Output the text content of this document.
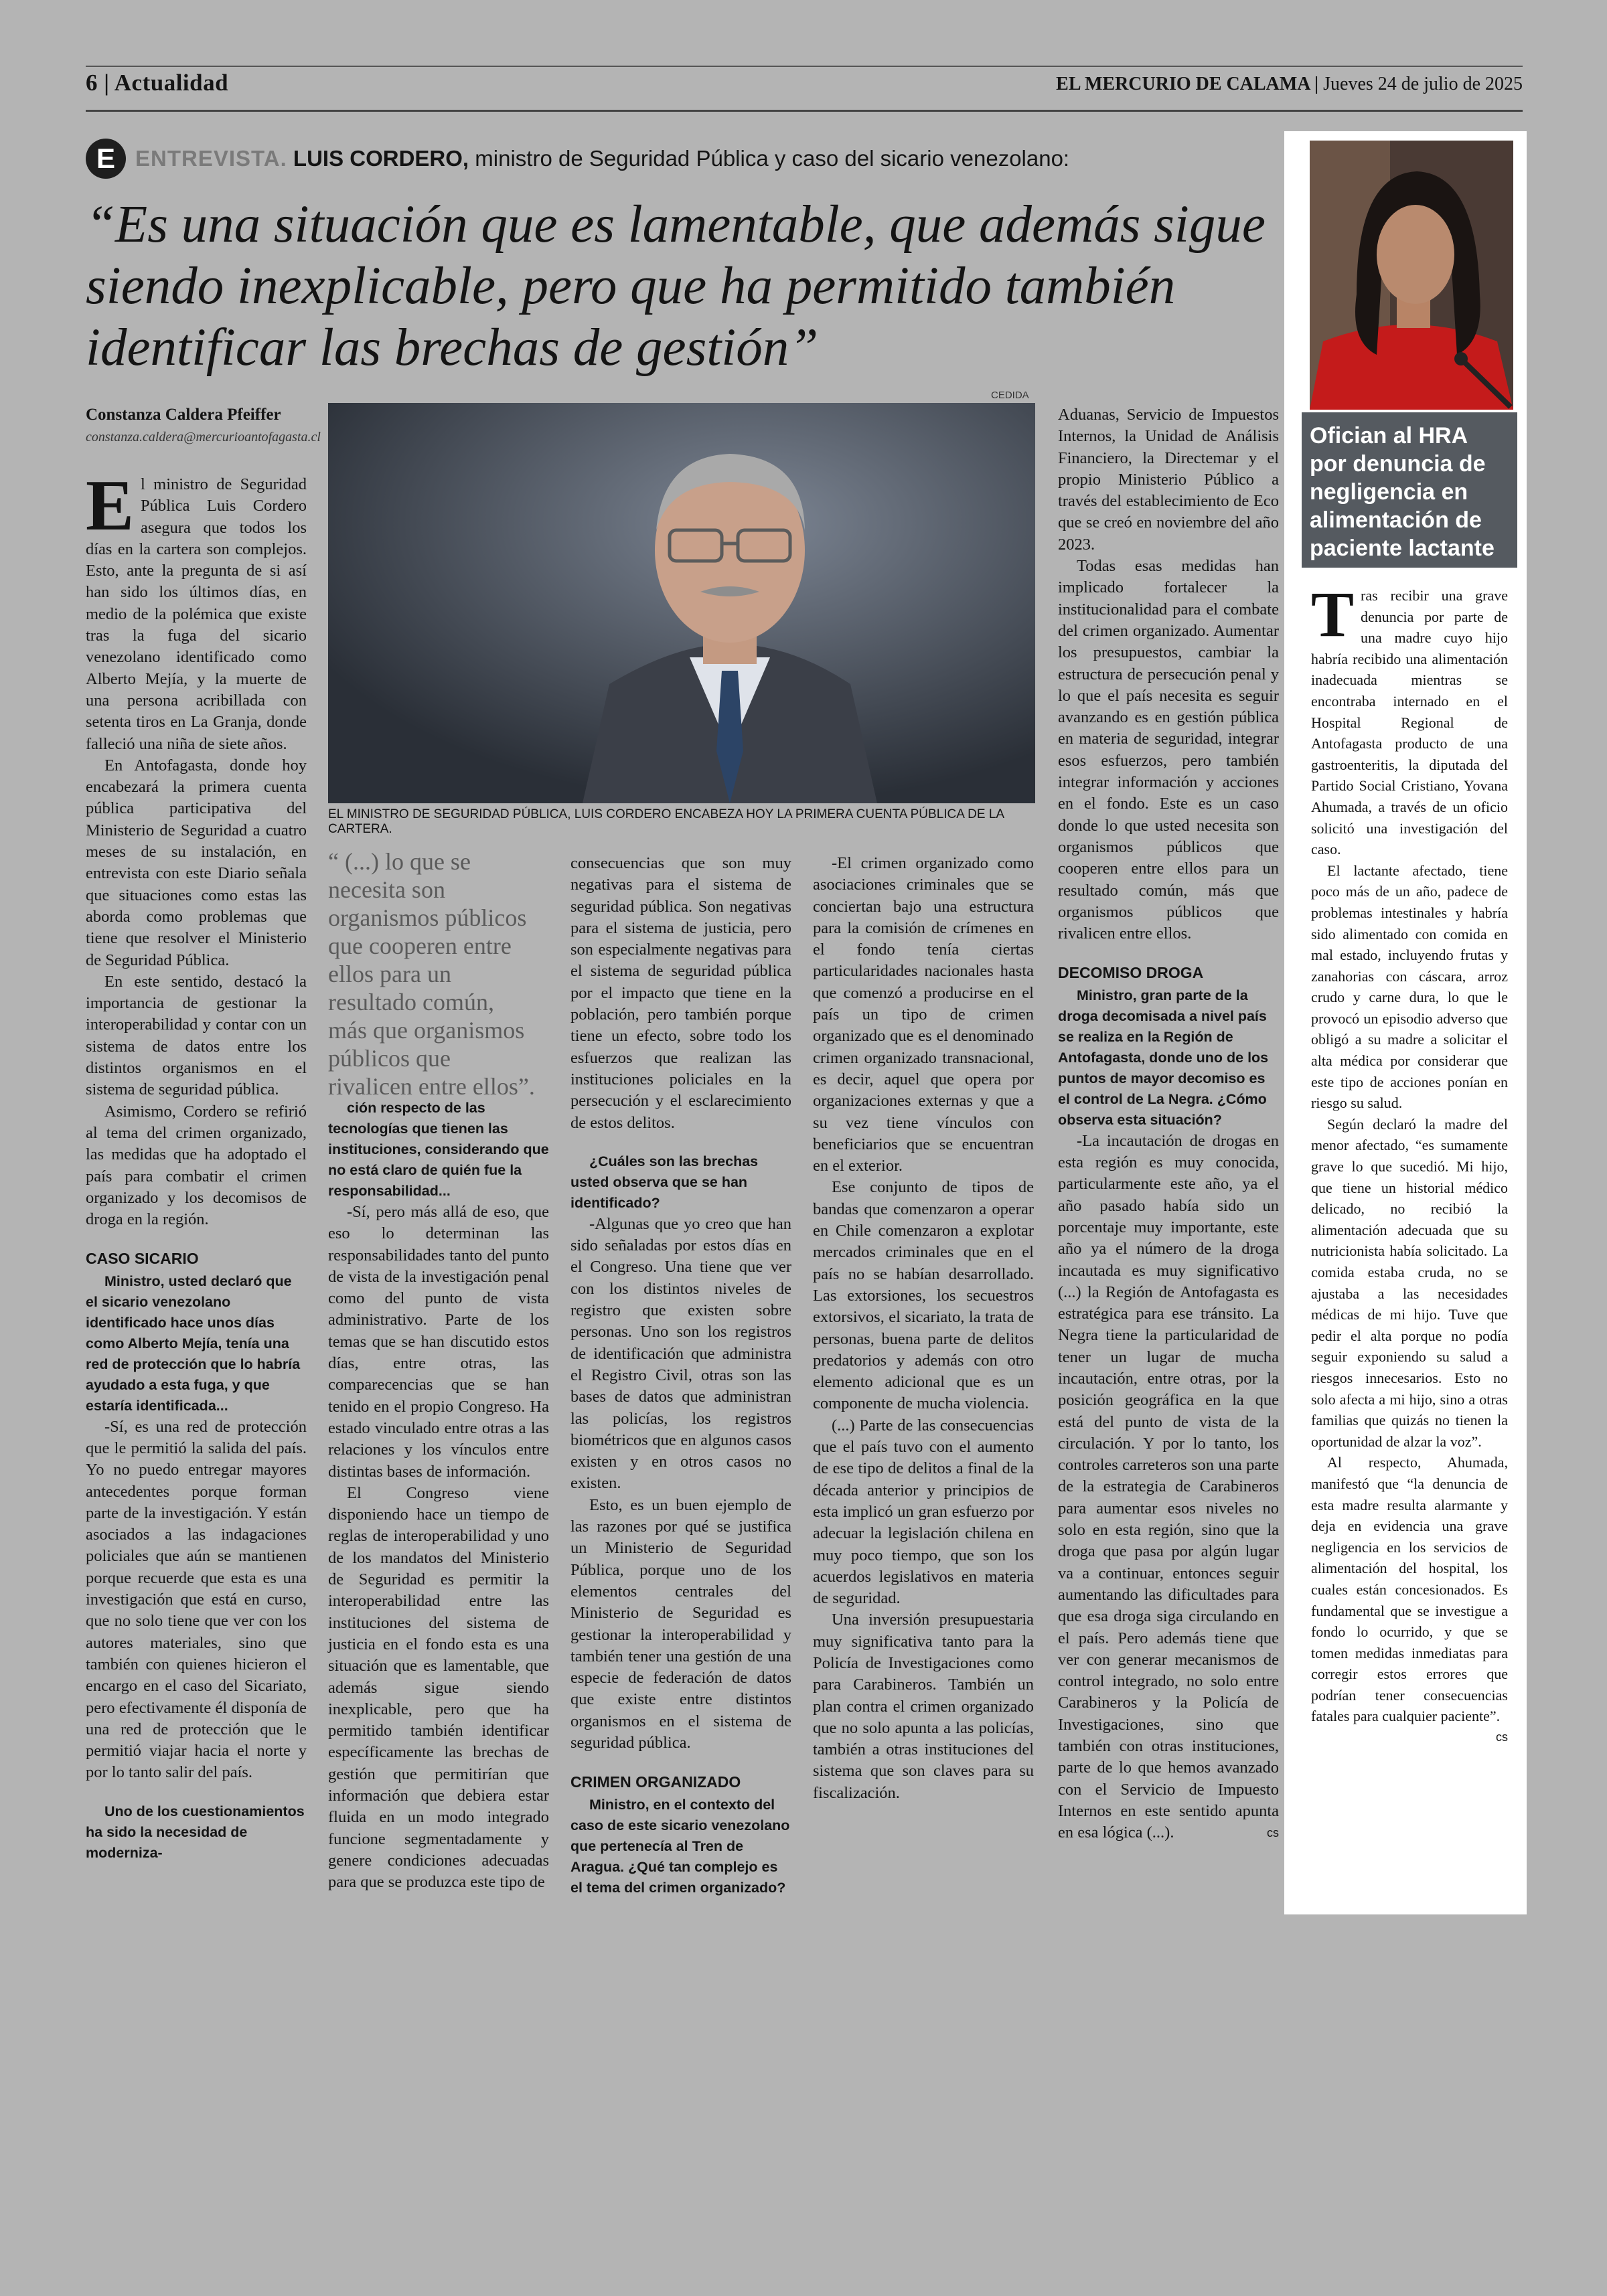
6 | Actualidad	EL MERCURIO DE CALAMA | Jueves 24 de julio de 2025
E ENTREVISTA. LUIS CORDERO, ministro de Seguridad Pública y caso del sicario venezolano:
“Es una situación que es lamentable, que además sigue siendo inexplicable, pero que ha permitido también identificar las brechas de gestión”
Constanza Caldera Pfeiffer
constanza.caldera@mercurioantofagasta.cl
CEDIDA
EL MINISTRO DE SEGURIDAD PÚBLICA, LUIS CORDERO ENCABEZA HOY LA PRIMERA CUENTA PÚBLICA DE LA CARTERA.

El ministro de Seguridad Pública Luis Cordero asegura que todos los días en la cartera son complejos. Esto, ante la pregunta de si así han sido los últimos días, en medio de la polémica que existe tras la fuga del sicario venezolano identificado como Alberto Mejía, y la muerte de una persona acribillada con setenta tiros en La Granja, donde falleció una niña de siete años.

En Antofagasta, donde hoy encabezará la primera cuenta pública participativa del Ministerio de Seguridad a cuatro meses de su instalación, en entrevista con este Diario señala que situaciones como estas las aborda como problemas que tiene que resolver el Ministerio de Seguridad Pública.

En este sentido, destacó la importancia de gestionar la interoperabilidad y contar con un sistema de datos entre los distintos organismos en el sistema de seguridad pública.

Asimismo, Cordero se refirió al tema del crimen organizado, las medidas que ha adoptado el país para combatir el crimen organizado y los decomisos de droga en la región.

CASO SICARIO

Ministro, usted declaró que el sicario venezolano identificado hace unos días como Alberto Mejía, tenía una red de protección que lo habría ayudado a esta fuga, y que estaría identificada...

-Sí, es una red de protección que le permitió la salida del país. Yo no puedo entregar mayores antecedentes porque forman parte de la investigación. Y están asociados a las indagaciones policiales que aún se mantienen porque recuerde que esta es una investigación que está en curso, que no solo tiene que ver con los autores materiales, sino que también con quienes hicieron el encargo en el caso del Sicariato, pero efectivamente él disponía de una red de protección que le permitió viajar hacia el norte y por lo tanto salir del país.

Uno de los cuestionamientos ha sido la necesidad de moderniza-

“ (...) lo que se necesita son organismos públicos que cooperen entre ellos para un resultado común, más que organismos públicos que rivalicen entre ellos”.

ción respecto de las tecnologías que tienen las instituciones, considerando que no está claro de quién fue la responsabilidad...

-Sí, pero más allá de eso, que eso lo determinan las responsabilidades tanto del punto de vista de la investigación penal como del punto de vista administrativo. Parte de los temas que se han discutido estos días, entre otras, las comparecencias que se han tenido en el propio Congreso. Ha estado vinculado entre otras a las relaciones y los vínculos entre distintas bases de información.

El Congreso viene disponiendo hace un tiempo de reglas de interoperabilidad y uno de los mandatos del Ministerio de Seguridad es permitir la interoperabilidad entre las instituciones del sistema de justicia en el fondo esta es una situación que es lamentable, que además sigue siendo inexplicable, pero que ha permitido también identificar específicamente las brechas de gestión que permitirían que información que debiera estar fluida en un modo integrado funcione segmentadamente y genere condiciones adecuadas para que se produzca este tipo de

consecuencias que son muy negativas para el sistema de seguridad pública. Son negativas para el sistema de justicia, pero son especialmente negativas para el sistema de seguridad pública por el impacto que tiene en la población, pero también porque tiene un efecto, sobre todo los esfuerzos que realizan las instituciones policiales en la persecución y el esclarecimiento de estos delitos.

¿Cuáles son las brechas usted observa que se han identificado?

-Algunas que yo creo que han sido señaladas por estos días en el Congreso. Una tiene que ver con los distintos niveles de registro que existen sobre personas. Uno son los registros de identificación que administra el Registro Civil, otras son las bases de datos que administran las policías, los registros biométricos que en algunos casos existen y en otros casos no existen.

Esto, es un buen ejemplo de las razones por qué se justifica un Ministerio de Seguridad Pública, porque uno de los elementos centrales del Ministerio de Seguridad es gestionar la interoperabilidad y también tener una gestión de una especie de federación de datos que existe entre distintos organismos en el sistema de seguridad pública.

CRIMEN ORGANIZADO

Ministro, en el contexto del caso de este sicario venezolano que pertenecía al Tren de Aragua. ¿Qué tan complejo es el tema del crimen organizado?

-El crimen organizado como asociaciones criminales que se conciertan bajo una estructura para la comisión de crímenes en el fondo tenía ciertas particularidades nacionales hasta que comenzó a producirse en el país un tipo de crimen organizado que es el denominado crimen organizado transnacional, es decir, aquel que opera por organizaciones externas y que a su vez tiene vínculos con beneficiarios que se encuentran en el exterior.

Ese conjunto de tipos de bandas que comenzaron a operar en Chile comenzaron a explotar mercados criminales que en el país no se habían desarrollado. Las extorsiones, los secuestros extorsivos, el sicariato, la trata de personas, buena parte de delitos predatorios y además con otro elemento adicional que es un componente de mucha violencia.

(...) Parte de las consecuencias que el país tuvo con el aumento de ese tipo de delitos a final de la década anterior y principios de esta implicó un gran esfuerzo por adecuar la legislación chilena en muy poco tiempo, que son los acuerdos legislativos en materia de seguridad.

Una inversión presupuestaria muy significativa tanto para la Policía de Investigaciones como para Carabineros. También un plan contra el crimen organizado que no solo apunta a las policías, también a otras instituciones del sistema que son claves para su fiscalización.

Aduanas, Servicio de Impuestos Internos, la Unidad de Análisis Financiero, la Directemar y el propio Ministerio Público a través del establecimiento de Eco que se creó en noviembre del año 2023.

Todas esas medidas han implicado fortalecer la institucionalidad para el combate del crimen organizado. Aumentar los presupuestos, cambiar la estructura de persecución penal y lo que el país necesita es seguir avanzando es en gestión pública en materia de seguridad, integrar esos esfuerzos, pero también integrar información y acciones en el fondo. Este es un caso donde lo que usted necesita son organismos públicos que cooperen entre ellos para un resultado común, más que organismos públicos que rivalicen entre ellos.

DECOMISO DROGA

Ministro, gran parte de la droga decomisada a nivel país se realiza en la Región de Antofagasta, donde uno de los puntos de mayor decomiso es el control de La Negra. ¿Cómo observa esta situación?

-La incautación de drogas en esta región es muy conocida, particularmente este año, ya el año pasado había sido un porcentaje muy importante, este año ya el número de la droga incautada es muy significativo (...) la Región de Antofagasta es estratégica para ese tránsito. La Negra tiene la particularidad de tener un lugar de mucha incautación, entre otras, por la posición geográfica en la que está del punto de vista de la circulación. Y por lo tanto, los controles carreteros son una parte de la estrategia de Carabineros para aumentar esos niveles no solo en esta región, sino que la droga que pasa por algún lugar va a continuar, entonces seguir aumentando las dificultades para que esa droga siga circulando en el país. Pero además tiene que ver con generar mecanismos de control integrado, no solo entre Carabineros y la Policía de Investigaciones, sino que también con otras instituciones, parte de lo que hemos avanzado con el Servicio de Impuesto Internos en este sentido apunta en esa lógica (...).	cs

Ofician al HRA por denuncia de negligencia en alimentación de paciente lactante

Tras recibir una grave denuncia por parte de una madre cuyo hijo habría recibido una alimentación inadecuada mientras se encontraba internado en el Hospital Regional de Antofagasta producto de una gastroenteritis, la diputada del Partido Social Cristiano, Yovana Ahumada, a través de un oficio solicitó una investigación del caso.

El lactante afectado, tiene poco más de un año, padece de problemas intestinales y habría sido alimentado con comida en mal estado, incluyendo frutas y zanahorias con cáscara, arroz crudo y carne dura, lo que le provocó un episodio adverso que obligó a su madre a solicitar el alta médica por considerar que este tipo de acciones ponían en riesgo su salud.

Según declaró la madre del menor afectado, “es sumamente grave lo que sucedió. Mi hijo, que tiene un historial médico delicado, no recibió la alimentación adecuada que su nutricionista había solicitado. La comida estaba cruda, no se ajustaba a las necesidades médicas de mi hijo. Tuve que pedir el alta porque no podía seguir exponiendo su salud a riesgos innecesarios. Esto no solo afecta a mi hijo, sino a otras familias que quizás no tienen la oportunidad de alzar la voz”.

Al respecto, Ahumada, manifestó que “la denuncia de esta madre resulta alarmante y deja en evidencia una grave negligencia en los servicios de alimentación del hospital, los cuales están concesionados. Es fundamental que se investigue a fondo lo ocurrido, y que se tomen medidas inmediatas para corregir estos errores que podrían tener consecuencias fatales para cualquier paciente”.
cs
